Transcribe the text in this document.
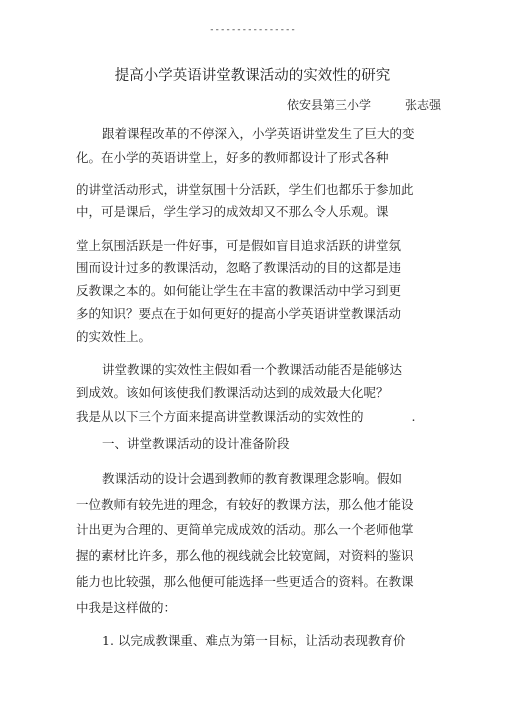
----------------
提高小学英语讲堂教课活动的实效性的研究
依安县第三小学	张志强
跟着课程改革的不停深入，小学英语讲堂发生了巨大的变
化。在小学的英语讲堂上，好多的教师都设计了形式各种
的讲堂活动形式，讲堂氛围十分活跃，学生们也都乐于参加此
中，可是课后，学生学习的成效却又不那么令人乐观。课
堂上氛围活跃是一件好事，可是假如盲目追求活跃的讲堂氛
围而设计过多的教课活动，忽略了教课活动的目的这都是违
反教课之本的。如何能让学生在丰富的教课活动中学习到更
多的知识？要点在于如何更好的提高小学英语讲堂教课活动
的实效性上。
讲堂教课的实效性主假如看一个教课活动能否是能够达
到成效。该如何该使我们教课活动达到的成效最大化呢？
我是从以下三个方面来提高讲堂教课活动的实效性的	.
一、讲堂教课活动的设计准备阶段
教课活动的设计会遇到教师的教育教课理念影响。假如
一位教师有较先进的理念，有较好的教课方法，那么他才能设
计出更为合理的、更简单完成成效的活动。那么一个老师他掌
握的素材比许多，那么他的视线就会比较宽阔，对资料的鉴识
能力也比较强，那么他便可能选择一些更适合的资料。在教课
中我是这样做的：
1. 以完成教课重、难点为第一目标，让活动表现教育价
